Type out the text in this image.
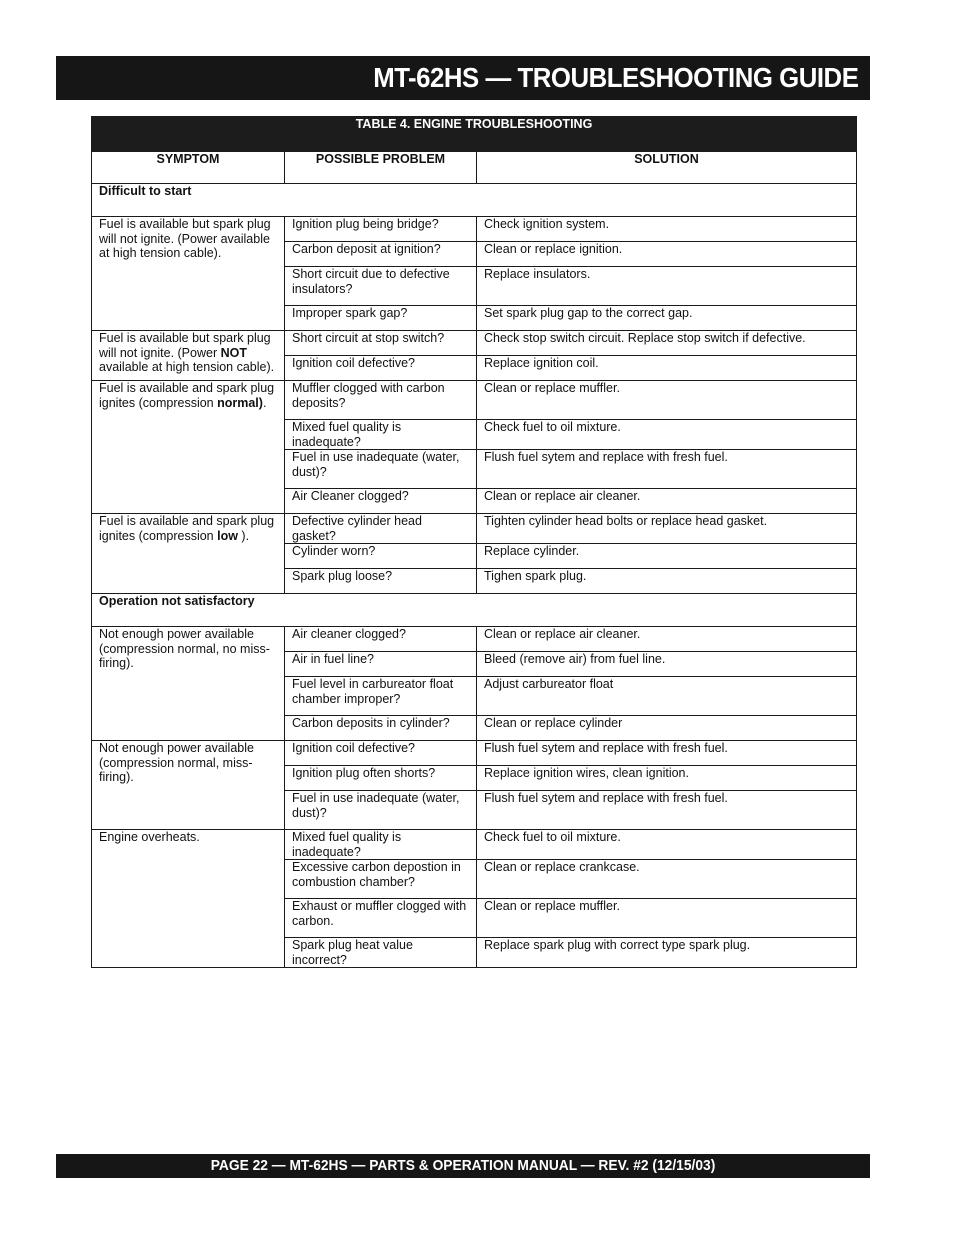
MT-62HS — TROUBLESHOOTING GUIDE
TABLE 4. ENGINE TROUBLESHOOTING		
SYMPTOM	POSSIBLE PROBLEM	SOLUTION
Difficult to start		
Fuel is available but spark plug will not ignite. (Power available at high tension cable).	Ignition plug being bridge?	Check ignition system.
	Carbon deposit at ignition?	Clean or replace ignition.
	Short circuit due to defective insulators?	Replace insulators.
	Improper spark gap?	Set spark plug gap to the correct gap.
Fuel is available but spark plug will not ignite. (Power NOT available at high tension cable).	Short circuit at stop switch?	Check stop switch circuit. Replace stop switch if defective.
	Ignition coil defective?	Replace ignition coil.
Fuel is available and spark plug ignites (compression normal).	Muffler clogged with carbon deposits?	Clean or replace muffler.
	Mixed fuel quality is inadequate?	Check fuel to oil mixture.
	Fuel in use inadequate (water, dust)?	Flush fuel sytem and replace with fresh fuel.
	Air Cleaner clogged?	Clean or replace air cleaner.
Fuel is available and spark plug ignites (compression low ).	Defective cylinder head gasket?	Tighten cylinder head bolts or replace head gasket.
	Cylinder worn?	Replace cylinder.
	Spark plug loose?	Tighen spark plug.
Operation not satisfactory		
Not enough power available (compression normal, no miss-firing).	Air cleaner clogged?	Clean or replace air cleaner.
	Air in fuel line?	Bleed (remove air) from fuel line.
	Fuel level in carbureator float chamber improper?	Adjust carbureator float
	Carbon deposits in cylinder?	Clean or replace cylinder
Not enough power available (compression normal, miss-firing).	Ignition coil defective?	Flush fuel sytem and replace with fresh fuel.
	Ignition plug often shorts?	Replace ignition wires, clean ignition.
	Fuel in use inadequate (water, dust)?	Flush fuel sytem and replace with fresh fuel.
Engine overheats.	Mixed fuel quality is inadequate?	Check fuel to oil mixture.
	Excessive carbon depostion in combustion chamber?	Clean or replace crankcase.
	Exhaust or muffler clogged with carbon.	Clean or replace muffler.
	Spark plug heat value incorrect?	Replace spark plug with correct type spark plug.
PAGE 22 — MT-62HS — PARTS & OPERATION MANUAL — REV. #2 (12/15/03)
